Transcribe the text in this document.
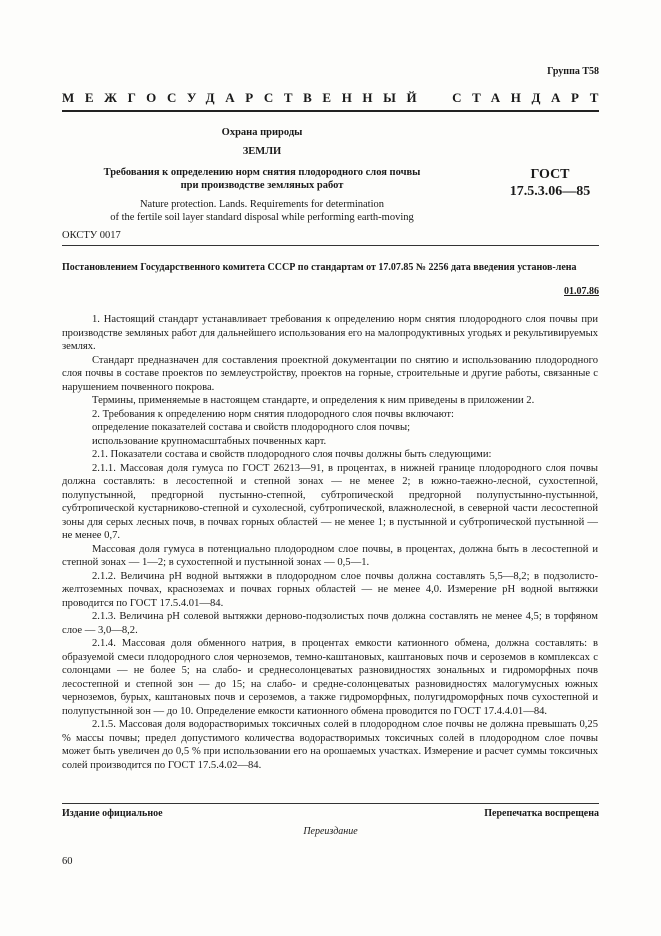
Группа Т58
МЕЖГОСУДАРСТВЕННЫЙ СТАНДАРТ
Охрана природы
ЗЕМЛИ
Требования к определению норм снятия плодородного слоя почвы
при производстве земляных работ
ГОСТ
17.5.3.06—85
Nature protection. Lands. Requirements for determination
of the fertile soil layer standard disposal while performing earth-moving
ОКСТУ 0017
Постановлением Государственного комитета СССР по стандартам от 17.07.85 № 2256 дата введения установ-лена
01.07.86

1. Настоящий стандарт устанавливает требования к определению норм снятия плодородного слоя почвы при производстве земляных работ для дальнейшего использования его на малопродуктивных угодьях и рекультивируемых землях.

Стандарт предназначен для составления проектной документации по снятию и использованию плодородного слоя почвы в составе проектов по землеустройству, проектов на горные, строительные и другие работы, связанные с нарушением почвенного покрова.

Термины, применяемые в настоящем стандарте, и определения к ним приведены в приложении 2.

2. Требования к определению норм снятия плодородного слоя почвы включают:

определение показателей состава и свойств плодородного слоя почвы;

использование крупномасштабных почвенных карт.

2.1. Показатели состава и свойств плодородного слоя почвы должны быть следующими:

2.1.1. Массовая доля гумуса по ГОСТ 26213—91, в процентах, в нижней границе плодородного слоя почвы должна составлять: в лесостепной и степной зонах — не менее 2; в южно-таежно-лесной, сухостепной, полупустынной, предгорной пустынно-степной, субтропической предгорной полупустынно-пустынной, субтропической кустарниково-степной и сухолесной, субтропической, влажнолесной, в северной части лесостепной зоны для серых лесных почв, в почвах горных областей — не менее 1; в пустынной и субтропической пустынной — не менее 0,7.

Массовая доля гумуса в потенциально плодородном слое почвы, в процентах, должна быть в лесостепной и степной зонах — 1—2; в сухостепной и пустынной зонах — 0,5—1.

2.1.2. Величина pH водной вытяжки в плодородном слое почвы должна составлять 5,5—8,2; в подзолисто-желтоземных почвах, красноземах и почвах горных областей — не менее 4,0. Измерение pH водной вытяжки проводится по ГОСТ 17.5.4.01—84.

2.1.3. Величина pH солевой вытяжки дерново-подзолистых почв должна составлять не менее 4,5; в торфяном слое — 3,0—8,2.

2.1.4. Массовая доля обменного натрия, в процентах емкости катионного обмена, должна составлять: в образуемой смеси плодородного слоя черноземов, темно-каштановых, каштановых почв и сероземов в комплексах с солонцами — не более 5; на слабо- и среднесолонцеватых разновидностях зональных и гидроморфных почв лесостепной и степной зон — до 15; на слабо- и средне-солонцеватых разновидностях малогумусных южных черноземов, бурых, каштановых почв и сероземов, а также гидроморфных, полугидроморфных почв сухостепной и полупустынной зон — до 10. Определение емкости катионного обмена проводится по ГОСТ 17.4.4.01—84.

2.1.5. Массовая доля водорастворимых токсичных солей в плодородном слое почвы не должна превышать 0,25 % массы почвы; предел допустимого количества водорастворимых токсичных солей в плодородном слое почвы может быть увеличен до 0,5 % при использовании его на орошаемых участках. Измерение и расчет суммы токсичных солей производится по ГОСТ 17.5.4.02—84.

Издание официальное	Перепечатка воспрещена
Переиздание
60
